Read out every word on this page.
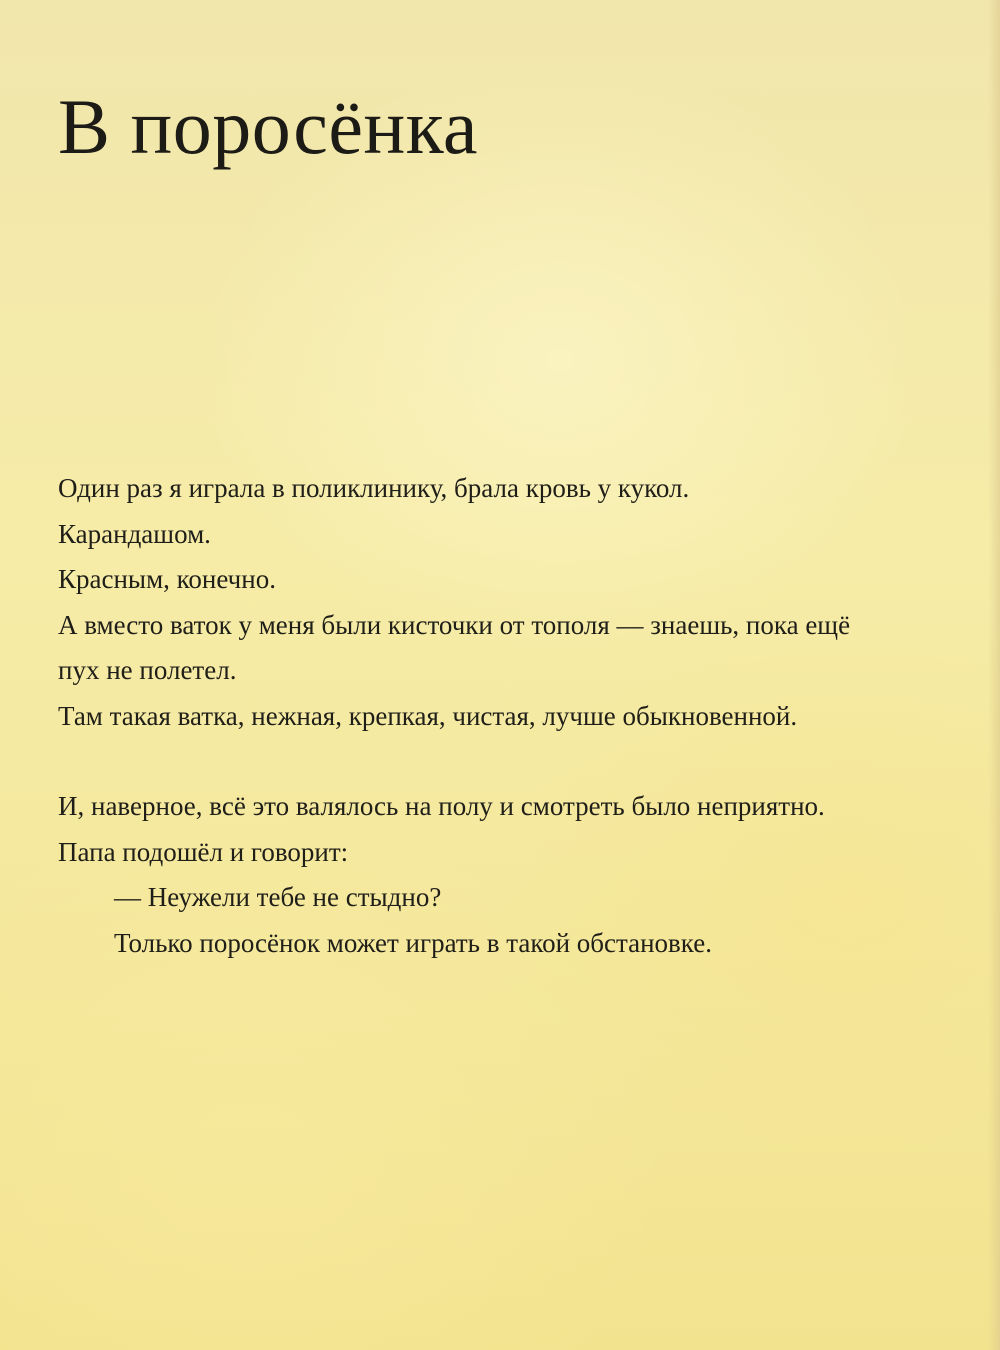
В поросёнка

Один раз я играла в поликлинику, брала кровь у кукол.
Карандашом.
Красным, конечно.
А вместо ваток у меня были кисточки от тополя — знаешь, пока ещё
пух не полетел.
Там такая ватка, нежная, крепкая, чистая, лучше обыкновенной.

И, наверное, всё это валялось на полу и смотреть было неприятно.
Папа подошёл и говорит:
— Неужели тебе не стыдно?
Только поросёнок может играть в такой обстановке.
